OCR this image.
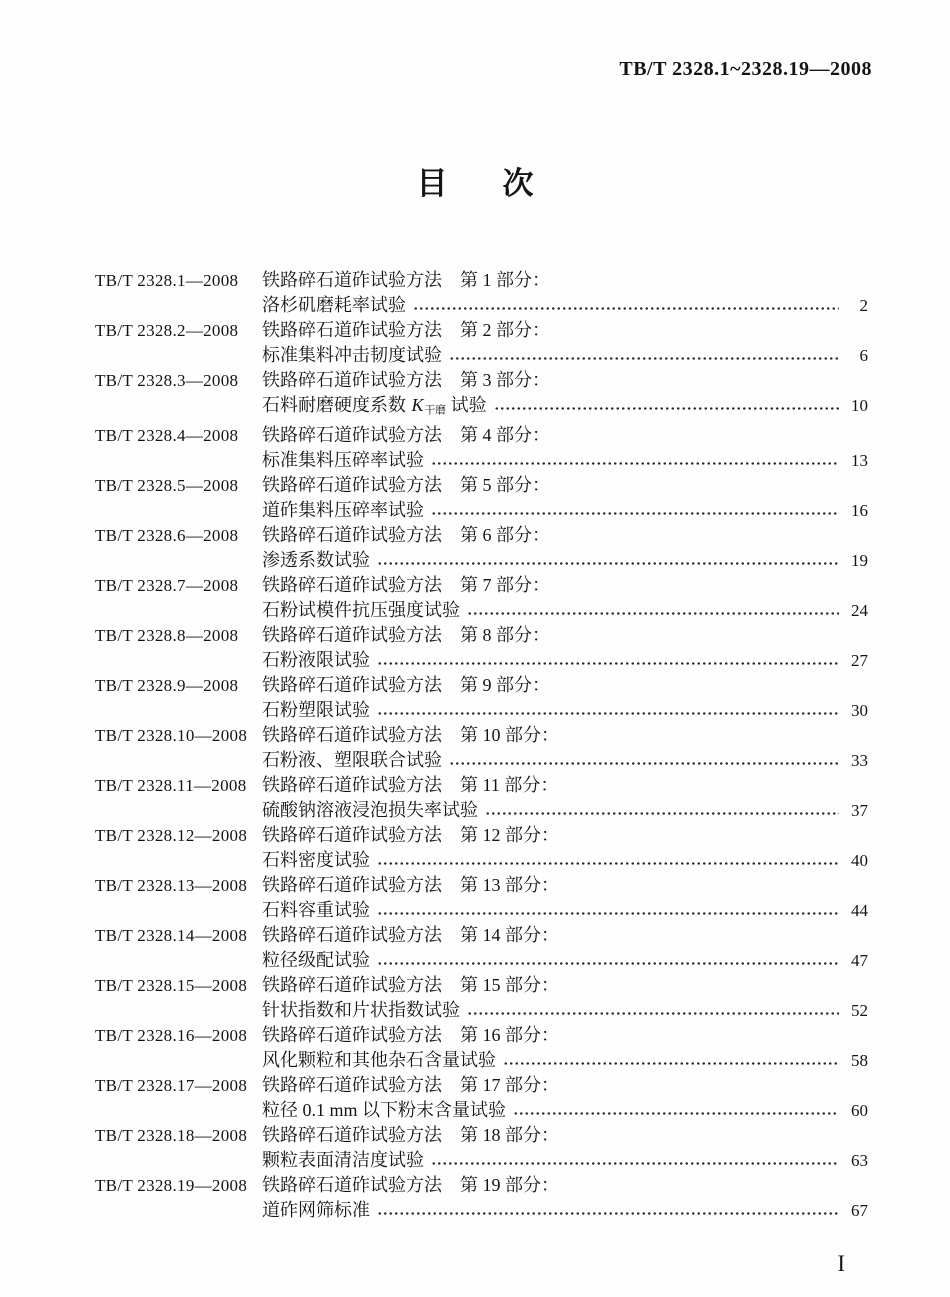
TB/T 2328.1~2328.19—2008
目　次
TB/T 2328.1—2008	铁路碎石道砟试验方法　第 1 部分：
洛杉矶磨耗率试验	2
TB/T 2328.2—2008	铁路碎石道砟试验方法　第 2 部分：
标准集料冲击韧度试验	6
TB/T 2328.3—2008	铁路碎石道砟试验方法　第 3 部分：
石料耐磨硬度系数 K干磨 试验	10
TB/T 2328.4—2008	铁路碎石道砟试验方法　第 4 部分：
标准集料压碎率试验	13
TB/T 2328.5—2008	铁路碎石道砟试验方法　第 5 部分：
道砟集料压碎率试验	16
TB/T 2328.6—2008	铁路碎石道砟试验方法　第 6 部分：
渗透系数试验	19
TB/T 2328.7—2008	铁路碎石道砟试验方法　第 7 部分：
石粉试模件抗压强度试验	24
TB/T 2328.8—2008	铁路碎石道砟试验方法　第 8 部分：
石粉液限试验	27
TB/T 2328.9—2008	铁路碎石道砟试验方法　第 9 部分：
石粉塑限试验	30
TB/T 2328.10—2008 铁路碎石道砟试验方法　第 10 部分：
石粉液、塑限联合试验	33
TB/T 2328.11—2008 铁路碎石道砟试验方法　第 11 部分：
硫酸钠溶液浸泡损失率试验	37
TB/T 2328.12—2008 铁路碎石道砟试验方法　第 12 部分：
石料密度试验	40
TB/T 2328.13—2008 铁路碎石道砟试验方法　第 13 部分：
石料容重试验	44
TB/T 2328.14—2008 铁路碎石道砟试验方法　第 14 部分：
粒径级配试验	47
TB/T 2328.15—2008 铁路碎石道砟试验方法　第 15 部分：
针状指数和片状指数试验	52
TB/T 2328.16—2008 铁路碎石道砟试验方法　第 16 部分：
风化颗粒和其他杂石含量试验	58
TB/T 2328.17—2008 铁路碎石道砟试验方法　第 17 部分：
粒径 0.1 mm 以下粉末含量试验	60
TB/T 2328.18—2008 铁路碎石道砟试验方法　第 18 部分：
颗粒表面清洁度试验	63
TB/T 2328.19—2008 铁路碎石道砟试验方法　第 19 部分：
道砟网筛标准	67
I
